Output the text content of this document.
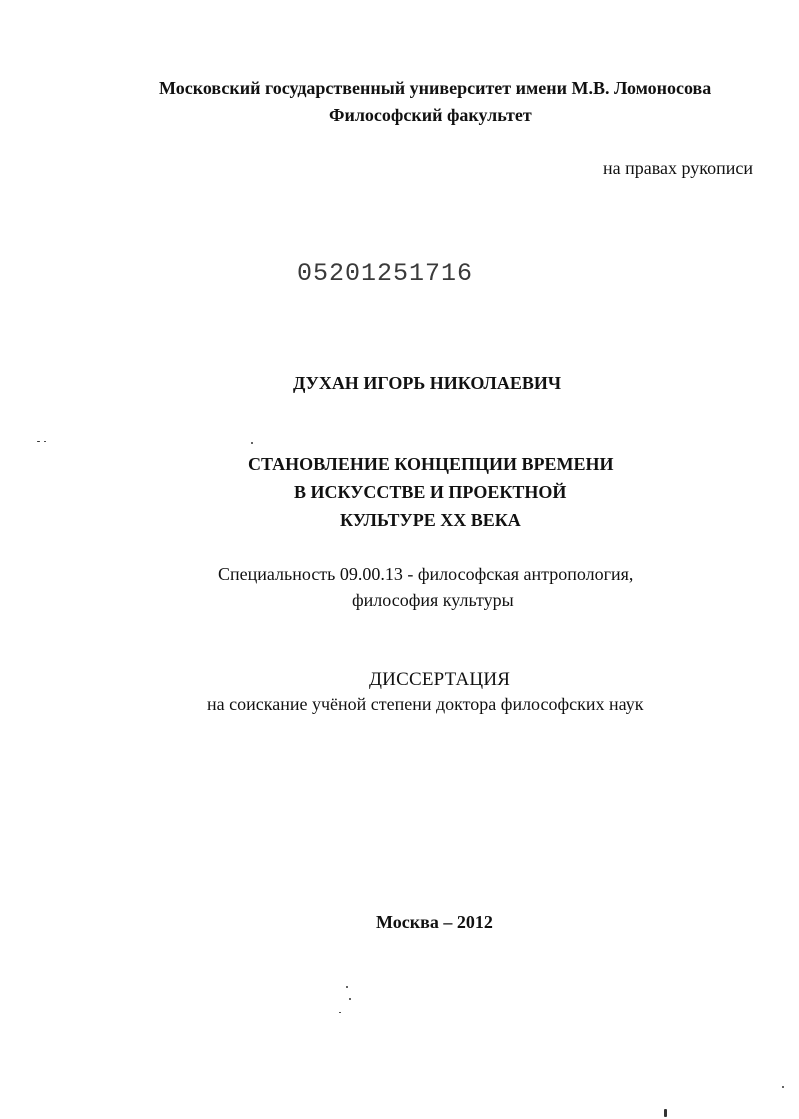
Московский государственный университет имени М.В. Ломоносова
Философский факультет
на правах рукописи
05201251716
ДУХАН ИГОРЬ НИКОЛАЕВИЧ
СТАНОВЛЕНИЕ КОНЦЕПЦИИ ВРЕМЕНИ
В ИСКУССТВЕ И ПРОЕКТНОЙ
КУЛЬТУРЕ XX ВЕКА
Специальность 09.00.13 - философская антропология,
философия культуры
ДИССЕРТАЦИЯ
на соискание учёной степени доктора философских наук
Москва – 2012
